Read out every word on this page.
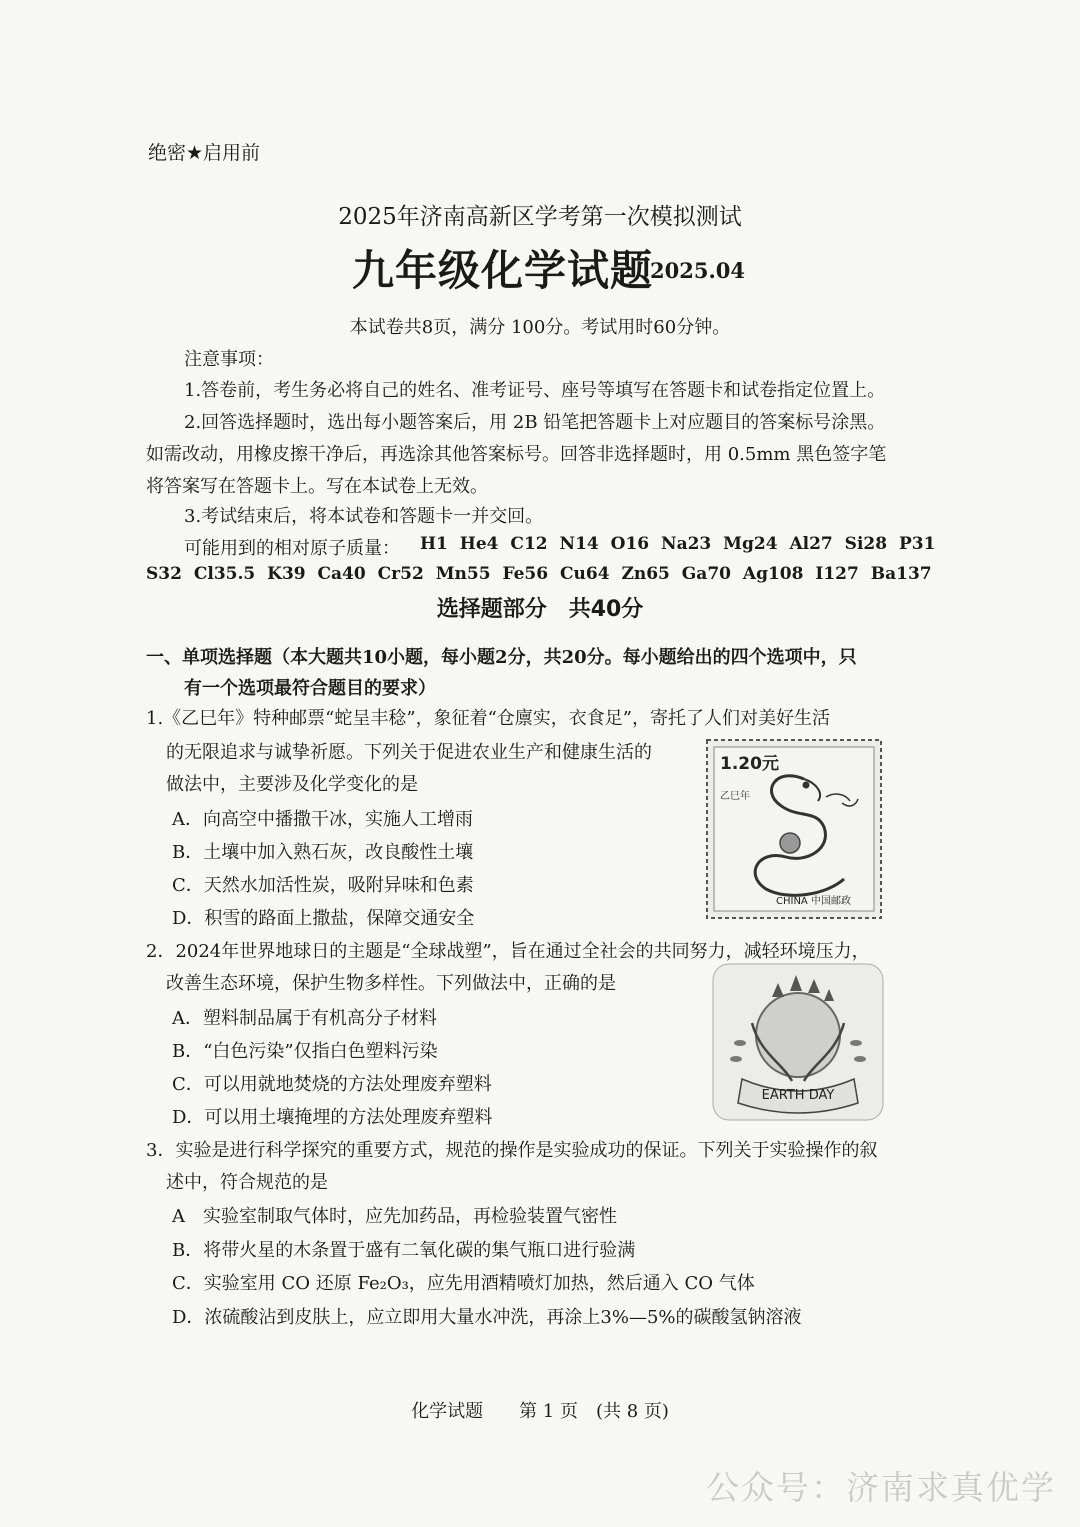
绝密★启用前
2025年济南高新区学考第一次模拟测试
九年级化学试题
2025.04
本试卷共8页，满分 100分。考试用时60分钟。
注意事项：
1.答卷前，考生务必将自己的姓名、准考证号、座号等填写在答题卡和试卷指定位置上。
2.回答选择题时，选出每小题答案后，用 2B 铅笔把答题卡上对应题目的答案标号涂黑。
如需改动，用橡皮擦干净后，再选涂其他答案标号。回答非选择题时，用 0.5mm 黑色签字笔
将答案写在答题卡上。写在本试卷上无效。
3.考试结束后，将本试卷和答题卡一并交回。
可能用到的相对原子质量： H1 He4 C12 N14 O16 Na23 Mg24 Al27 Si28 P31
S32 Cl35.5 K39 Ca40 Cr52 Mn55 Fe56 Cu64 Zn65 Ga70 Ag108 I127 Ba137
选择题部分　共40分
一、单项选择题（本大题共10小题，每小题2分，共20分。每小题给出的四个选项中，只
有一个选项最符合题目的要求）
1.《乙巳年》特种邮票“蛇呈丰稔”，象征着“仓廪实，衣食足”，寄托了人们对美好生活
的无限追求与诚挚祈愿。下列关于促进农业生产和健康生活的
做法中，主要涉及化学变化的是
A．向高空中播撒干冰，实施人工增雨
B．土壤中加入熟石灰，改良酸性土壤
C．天然水加活性炭，吸附异味和色素
D．积雪的路面上撒盐，保障交通安全
1.20元
乙巳年
CHINA 中国邮政
2．2024年世界地球日的主题是“全球战塑”，旨在通过全社会的共同努力，减轻环境压力，
改善生态环境，保护生物多样性。下列做法中，正确的是
A．塑料制品属于有机高分子材料
B．“白色污染”仅指白色塑料污染
C．可以用就地焚烧的方法处理废弃塑料
D．可以用土壤掩埋的方法处理废弃塑料
EARTH DAY
3．实验是进行科学探究的重要方式，规范的操作是实验成功的保证。下列关于实验操作的叙
述中，符合规范的是
A　实验室制取气体时，应先加药品，再检验装置气密性
B．将带火星的木条置于盛有二氧化碳的集气瓶口进行验满
C．实验室用 CO 还原 Fe₂O₃，应先用酒精喷灯加热，然后通入 CO 气体
D．浓硫酸沾到皮肤上，应立即用大量水冲洗，再涂上3%—5%的碳酸氢钠溶液
化学试题　　第 1 页　(共 8 页)
公众号：济南求真优学
